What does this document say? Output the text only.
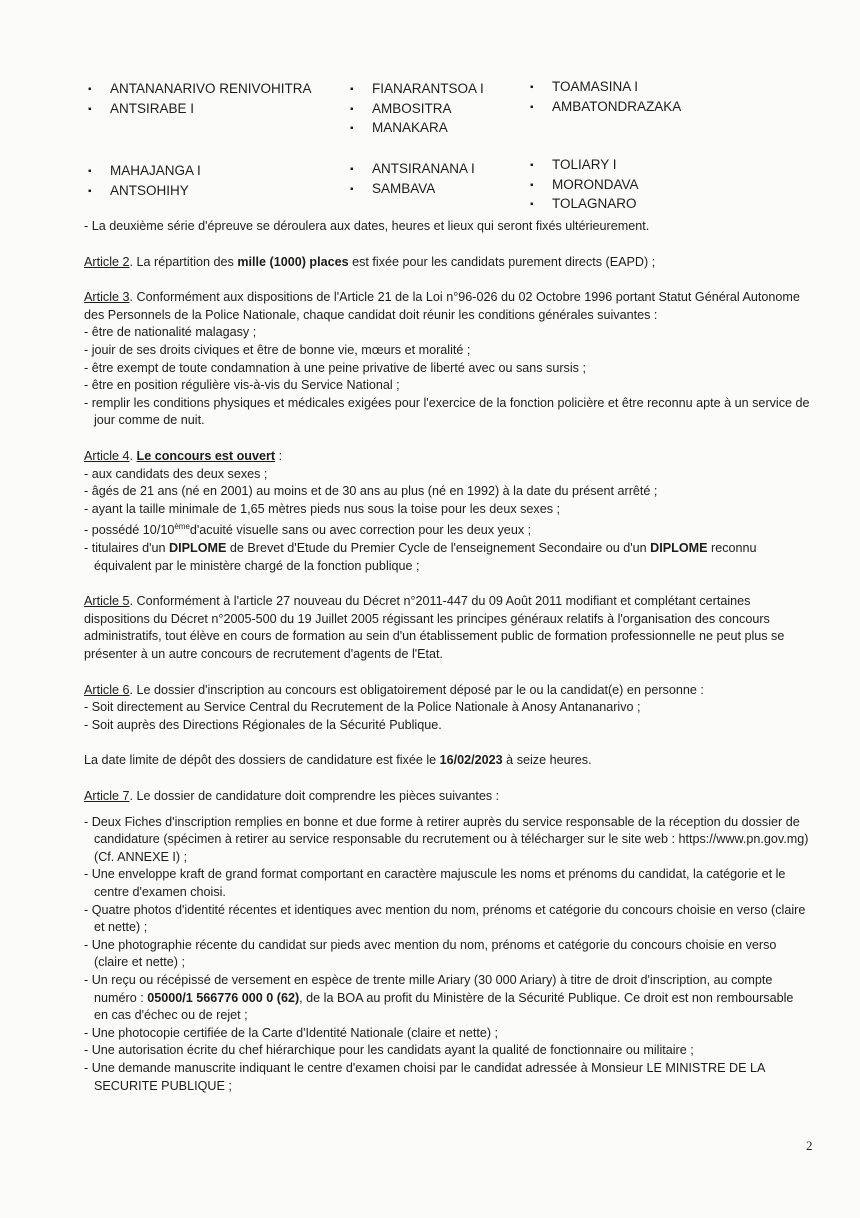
▪ ANTANANARIVO RENIVOHITRA
▪ ANTSIRABE I
▪ FIANARANTSOA I
▪ AMBOSITRA
▪ MANAKARA
▪ TOAMASINA I
▪ AMBATONDRAZAKA
▪ MAHAJANGA I
▪ ANTSOHIHY
▪ ANTSIRANANA I
▪ SAMBAVA
▪ TOLIARY I
▪ MORONDAVA
▪ TOLAGNARO

- La deuxième série d'épreuve se déroulera aux dates, heures et lieux qui seront fixés ultérieurement.

Article 2. La répartition des mille (1000) places est fixée pour les candidats purement directs (EAPD) ;

Article 3. Conformément aux dispositions de l'Article 21 de la Loi n°96-026 du 02 Octobre 1996 portant Statut Général Autonome des Personnels de la Police Nationale, chaque candidat doit réunir les conditions générales suivantes :

- être de nationalité malagasy ;

- jouir de ses droits civiques et être de bonne vie, mœurs et moralité ;

- être exempt de toute condamnation à une peine privative de liberté avec ou sans sursis ;

- être en position régulière vis-à-vis du Service National ;

- remplir les conditions physiques et médicales exigées pour l'exercice de la fonction policière et être reconnu apte à un service de jour comme de nuit.

Article 4. Le concours est ouvert :

- aux candidats des deux sexes ;

- âgés de 21 ans (né en 2001) au moins et de 30 ans au plus (né en 1992) à la date du présent arrêté ;

- ayant la taille minimale de 1,65 mètres pieds nus sous la toise pour les deux sexes ;

- possédé 10/10èmed'acuité visuelle sans ou avec correction pour les deux yeux ;

- titulaires d'un DIPLOME de Brevet d'Etude du Premier Cycle de l'enseignement Secondaire ou d'un DIPLOME reconnu équivalent par le ministère chargé de la fonction publique ;

Article 5. Conformément à l'article 27 nouveau du Décret n°2011-447 du 09 Août 2011 modifiant et complétant certaines dispositions du Décret n°2005-500 du 19 Juillet 2005 régissant les principes généraux relatifs à l'organisation des concours administratifs, tout élève en cours de formation au sein d'un établissement public de formation professionnelle ne peut plus se présenter à un autre concours de recrutement d'agents de l'Etat.

Article 6. Le dossier d'inscription au concours est obligatoirement déposé par le ou la candidat(e) en personne :

- Soit directement au Service Central du Recrutement de la Police Nationale à Anosy Antananarivo ;

- Soit auprès des Directions Régionales de la Sécurité Publique.

La date limite de dépôt des dossiers de candidature est fixée le 16/02/2023 à seize heures.

Article 7. Le dossier de candidature doit comprendre les pièces suivantes :

- Deux Fiches d'inscription remplies en bonne et due forme à retirer auprès du service responsable de la réception du dossier de candidature (spécimen à retirer au service responsable du recrutement ou à télécharger sur le site web : https://www.pn.gov.mg) (Cf. ANNEXE I) ;

- Une enveloppe kraft de grand format comportant en caractère majuscule les noms et prénoms du candidat, la catégorie et le centre d'examen choisi.

- Quatre photos d'identité récentes et identiques avec mention du nom, prénoms et catégorie du concours choisie en verso (claire et nette) ;

- Une photographie récente du candidat sur pieds avec mention du nom, prénoms et catégorie du concours choisie en verso (claire et nette) ;

- Un reçu ou récépissé de versement en espèce de trente mille Ariary (30 000 Ariary) à titre de droit d'inscription, au compte numéro : 05000/1 566776 000 0 (62), de la BOA au profit du Ministère de la Sécurité Publique. Ce droit est non remboursable en cas d'échec ou de rejet ;

- Une photocopie certifiée de la Carte d'Identité Nationale (claire et nette) ;

- Une autorisation écrite du chef hiérarchique pour les candidats ayant la qualité de fonctionnaire ou militaire ;

- Une demande manuscrite indiquant le centre d'examen choisi par le candidat adressée à Monsieur LE MINISTRE DE LA SECURITE PUBLIQUE ;

2
